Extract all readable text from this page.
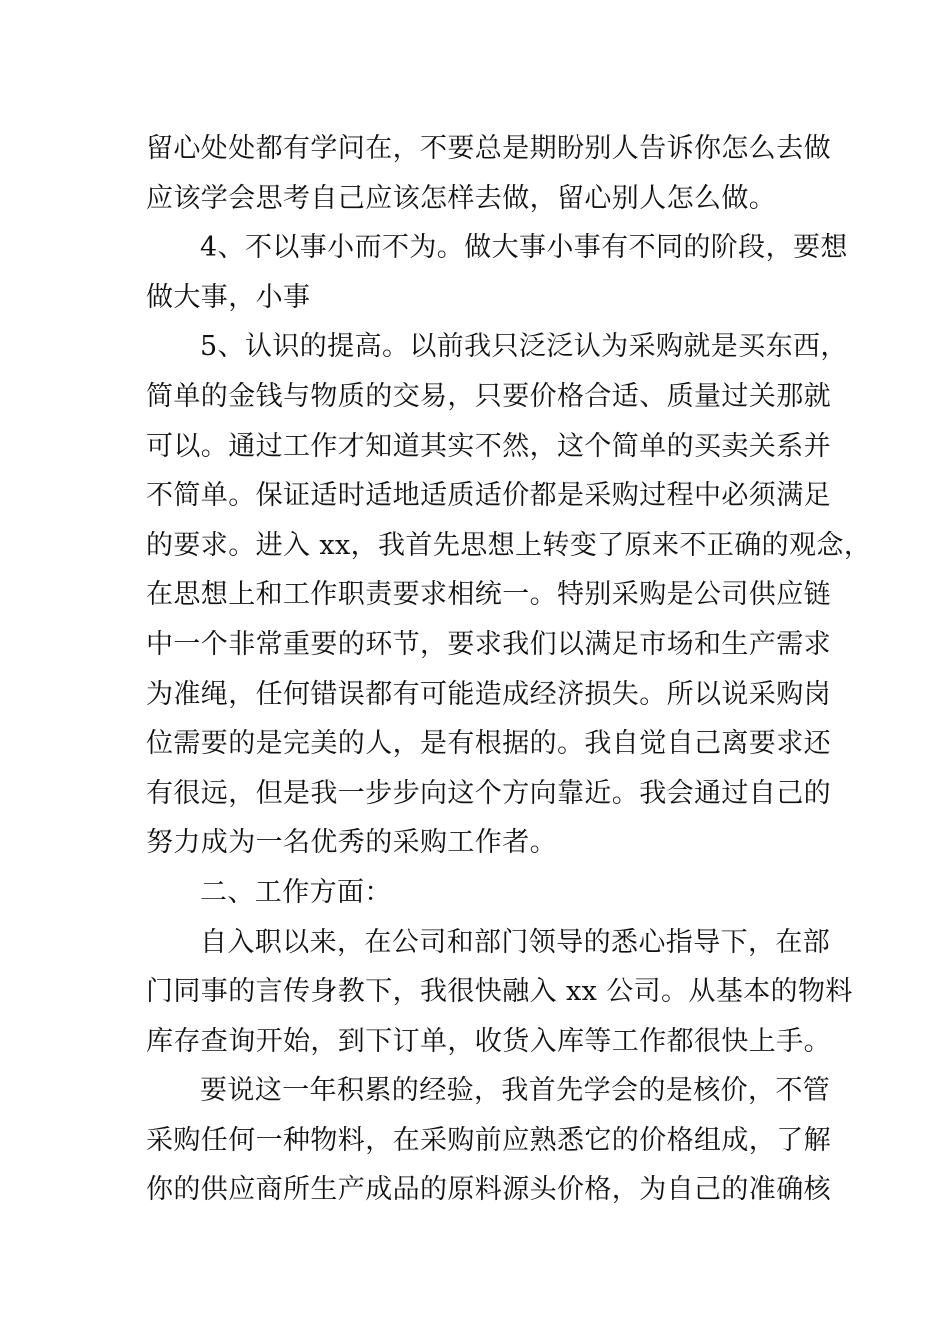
留心处处都有学问在，不要总是期盼别人告诉你怎么去做
应该学会思考自己应该怎样去做，留心别人怎么做。
4、不以事小而不为。做大事小事有不同的阶段，要想
做大事，小事
5、认识的提高。以前我只泛泛认为采购就是买东西，
简单的金钱与物质的交易，只要价格合适、质量过关那就
可以。通过工作才知道其实不然，这个简单的买卖关系并
不简单。保证适时适地适质适价都是采购过程中必须满足
的要求。进入 xx，我首先思想上转变了原来不正确的观念，
在思想上和工作职责要求相统一。特别采购是公司供应链
中一个非常重要的环节，要求我们以满足市场和生产需求
为准绳，任何错误都有可能造成经济损失。所以说采购岗
位需要的是完美的人，是有根据的。我自觉自己离要求还
有很远，但是我一步步向这个方向靠近。我会通过自己的
努力成为一名优秀的采购工作者。
二、工作方面：
自入职以来，在公司和部门领导的悉心指导下，在部
门同事的言传身教下，我很快融入 xx 公司。从基本的物料
库存查询开始，到下订单，收货入库等工作都很快上手。
要说这一年积累的经验，我首先学会的是核价，不管
采购任何一种物料，在采购前应熟悉它的价格组成，了解
你的供应商所生产成品的原料源头价格，为自己的准确核
